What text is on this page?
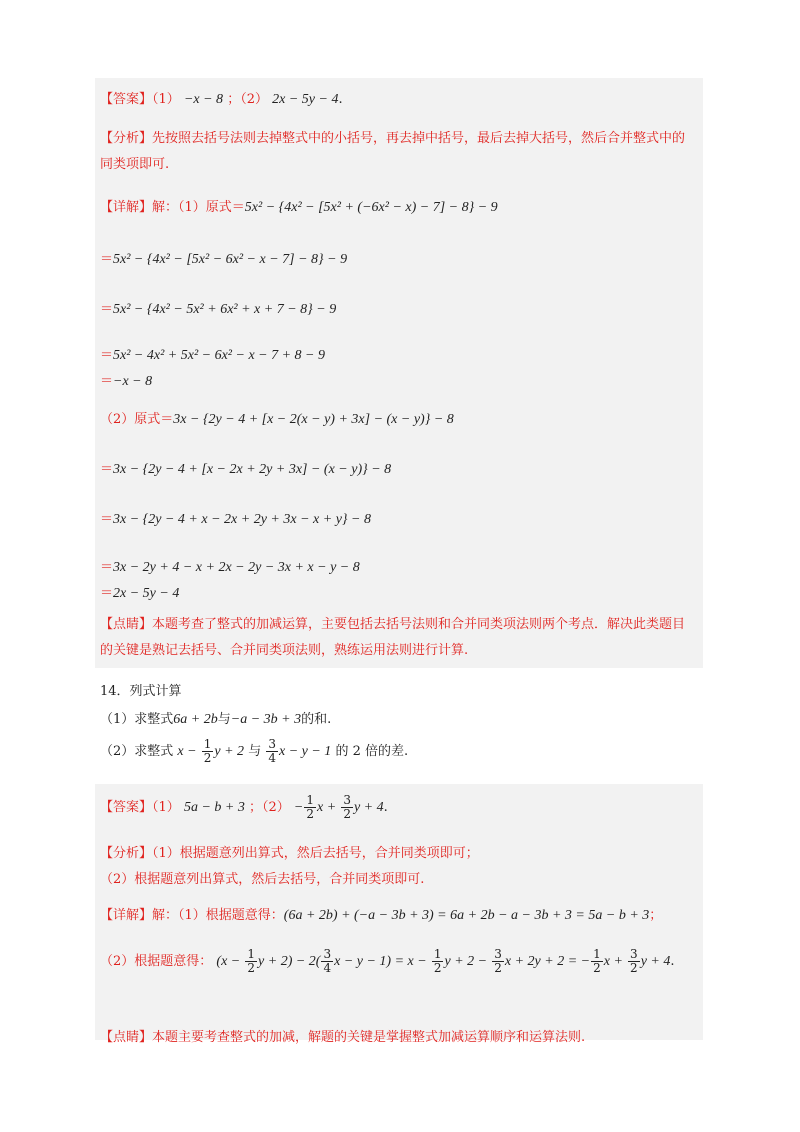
【答案】（1） −x − 8 ；（2） 2x − 5y − 4.
【分析】先按照去括号法则去掉整式中的小括号，再去掉中括号，最后去掉大括号，然后合并整式中的同类项即可.
【详解】解：（1）原式＝5x² − {4x² − [5x² + (−6x² − x) − 7] − 8} − 9
＝5x² − {4x² − [5x² − 6x² − x − 7] − 8} − 9
＝5x² − {4x² − 5x² + 6x² + x + 7 − 8} − 9
＝5x² − 4x² + 5x² − 6x² − x − 7 + 8 − 9
＝−x − 8
（2）原式＝3x − {2y − 4 + [x − 2(x − y) + 3x] − (x − y)} − 8
＝3x − {2y − 4 + [x − 2x + 2y + 3x] − (x − y)} − 8
＝3x − {2y − 4 + x − 2x + 2y + 3x − x + y} − 8
＝3x − 2y + 4 − x + 2x − 2y − 3x + x − y − 8
＝2x − 5y − 4
【点睛】本题考查了整式的加减运算，主要包括去括号法则和合并同类项法则两个考点．解决此类题目的关键是熟记去括号、合并同类项法则，熟练运用法则进行计算.
14．列式计算
（1）求整式6a + 2b与−a − 3b + 3的和.
（2）求整式 $x - \frac{1}{2}$ y + 2 与 $\frac{3}{4}$ x − y − 1 的 2 倍的差.
【答案】（1） 5a − b + 3 ；$(2) - \frac{1}{2}$ $x + \frac{3}{2}$ y + 4.
【分析】（1）根据题意列出算式，然后去括号，合并同类项即可；
（2）根据题意列出算式，然后去括号，合并同类项即可.
【详解】解：（1）根据题意得：(6a + 2b) + (−a − 3b + 3) = 6a + 2b − a − 3b + 3 = 5a − b + 3；
（2）根据题意得： ($x - \frac{1}{2}$ $y + 2) - 2( \frac{3}{4}$ $x - y - 1) = x - \frac{1}{2}$ $y + 2 - \frac{3}{2}$ x + 2y + 2 = − $\frac{1}{2}$ $x + \frac{3}{2}$ y + 4.
【点睛】本题主要考查整式的加减，解题的关键是掌握整式加减运算顺序和运算法则.
